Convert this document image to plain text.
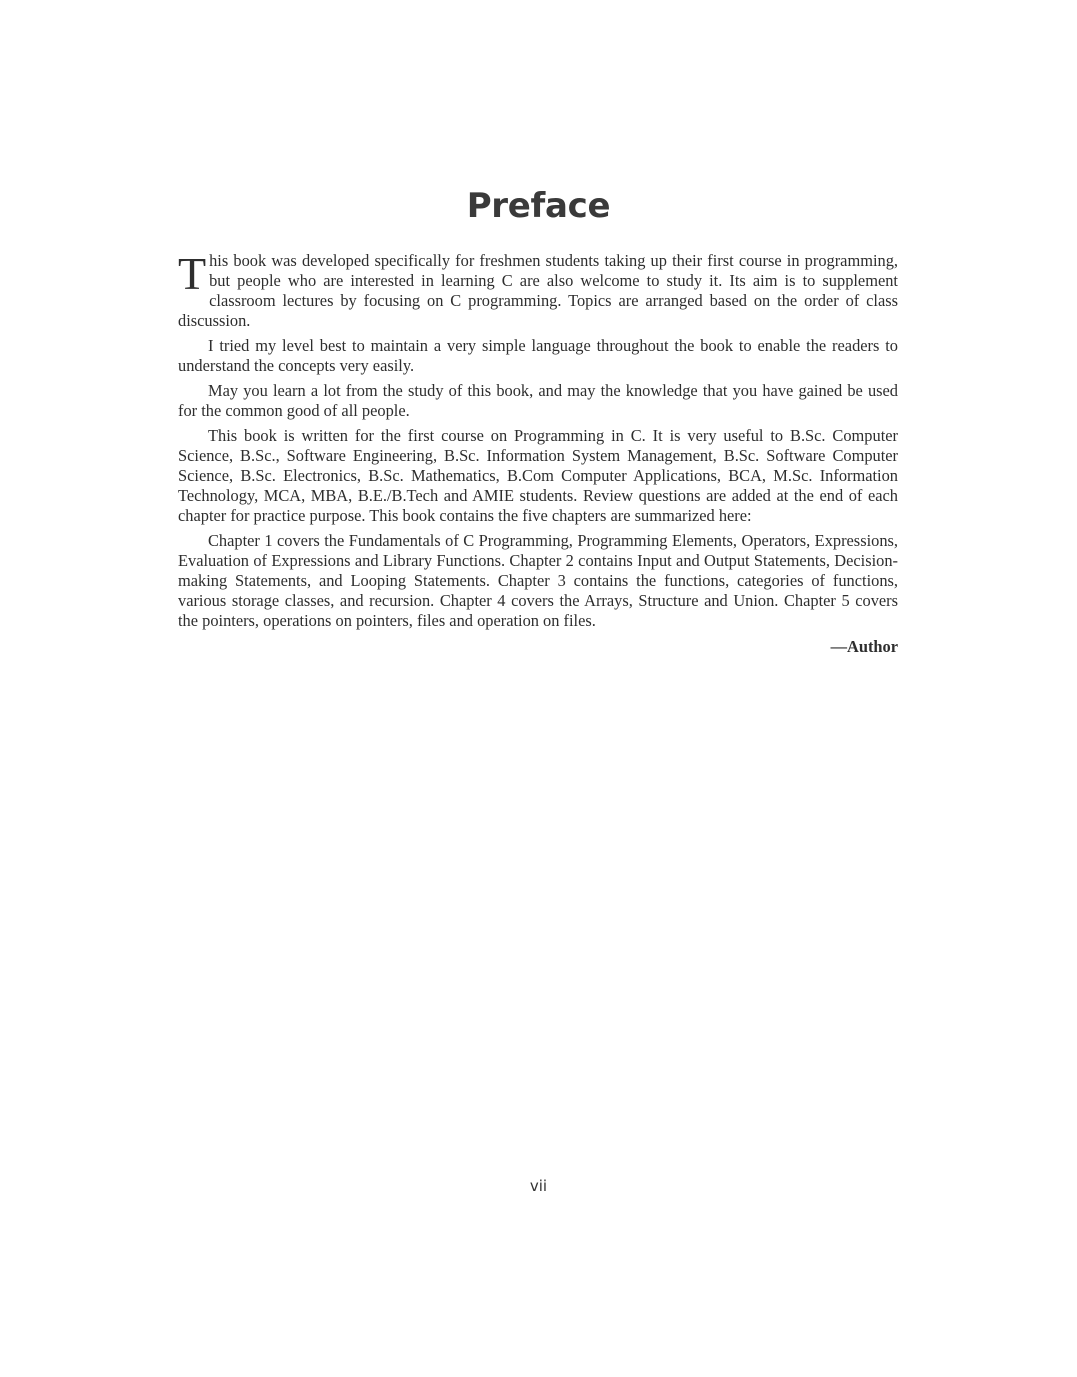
Preface

This book was developed specifically for freshmen students taking up their first course in programming, but people who are interested in learning C are also welcome to study it. Its aim is to supplement classroom lectures by focusing on C programming. Topics are arranged based on the order of class discussion.

I tried my level best to maintain a very simple language throughout the book to enable the readers to understand the concepts very easily.

May you learn a lot from the study of this book, and may the knowledge that you have gained be used for the common good of all people.

This book is written for the first course on Programming in C. It is very useful to B.Sc. Computer Science, B.Sc., Software Engineering, B.Sc. Information System Management, B.Sc. Software Computer Science, B.Sc. Electronics, B.Sc. Mathematics, B.Com Computer Applications, BCA, M.Sc. Information Technology, MCA, MBA, B.E./B.Tech and AMIE students. Review questions are added at the end of each chapter for practice purpose. This book contains the five chapters are summarized here:

Chapter 1 covers the Fundamentals of C Programming, Programming Elements, Operators, Expressions, Evaluation of Expressions and Library Functions. Chapter 2 contains Input and Output Statements, Decision-making Statements, and Looping Statements. Chapter 3 contains the functions, categories of functions, various storage classes, and recursion. Chapter 4 covers the Arrays, Structure and Union. Chapter 5 covers the pointers, operations on pointers, files and operation on files.

—Author

vii
